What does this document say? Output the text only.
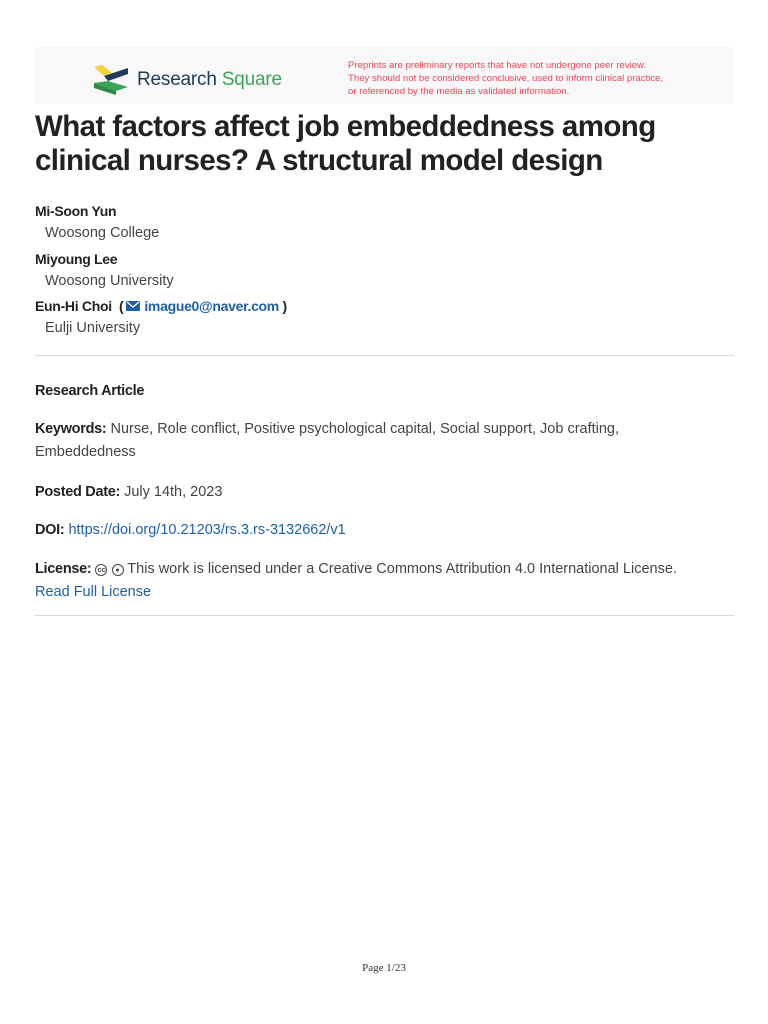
Research Square
Preprints are preliminary reports that have not undergone peer review.
They should not be considered conclusive, used to inform clinical practice,
or referenced by the media as validated information.
What factors affect job embeddedness among clinical nurses? A structural model design
Mi-Soon Yun
Woosong College
Miyoung Lee
Woosong University
Eun-Hi Choi  ( imague0@naver.com )
Eulji University
Research Article
Keywords: Nurse, Role conflict, Positive psychological capital, Social support, Job crafting, Embeddedness
Posted Date: July 14th, 2023
DOI: https://doi.org/10.21203/rs.3.rs-3132662/v1
License: cc ● This work is licensed under a Creative Commons Attribution 4.0 International License.
Read Full License
Page 1/23
